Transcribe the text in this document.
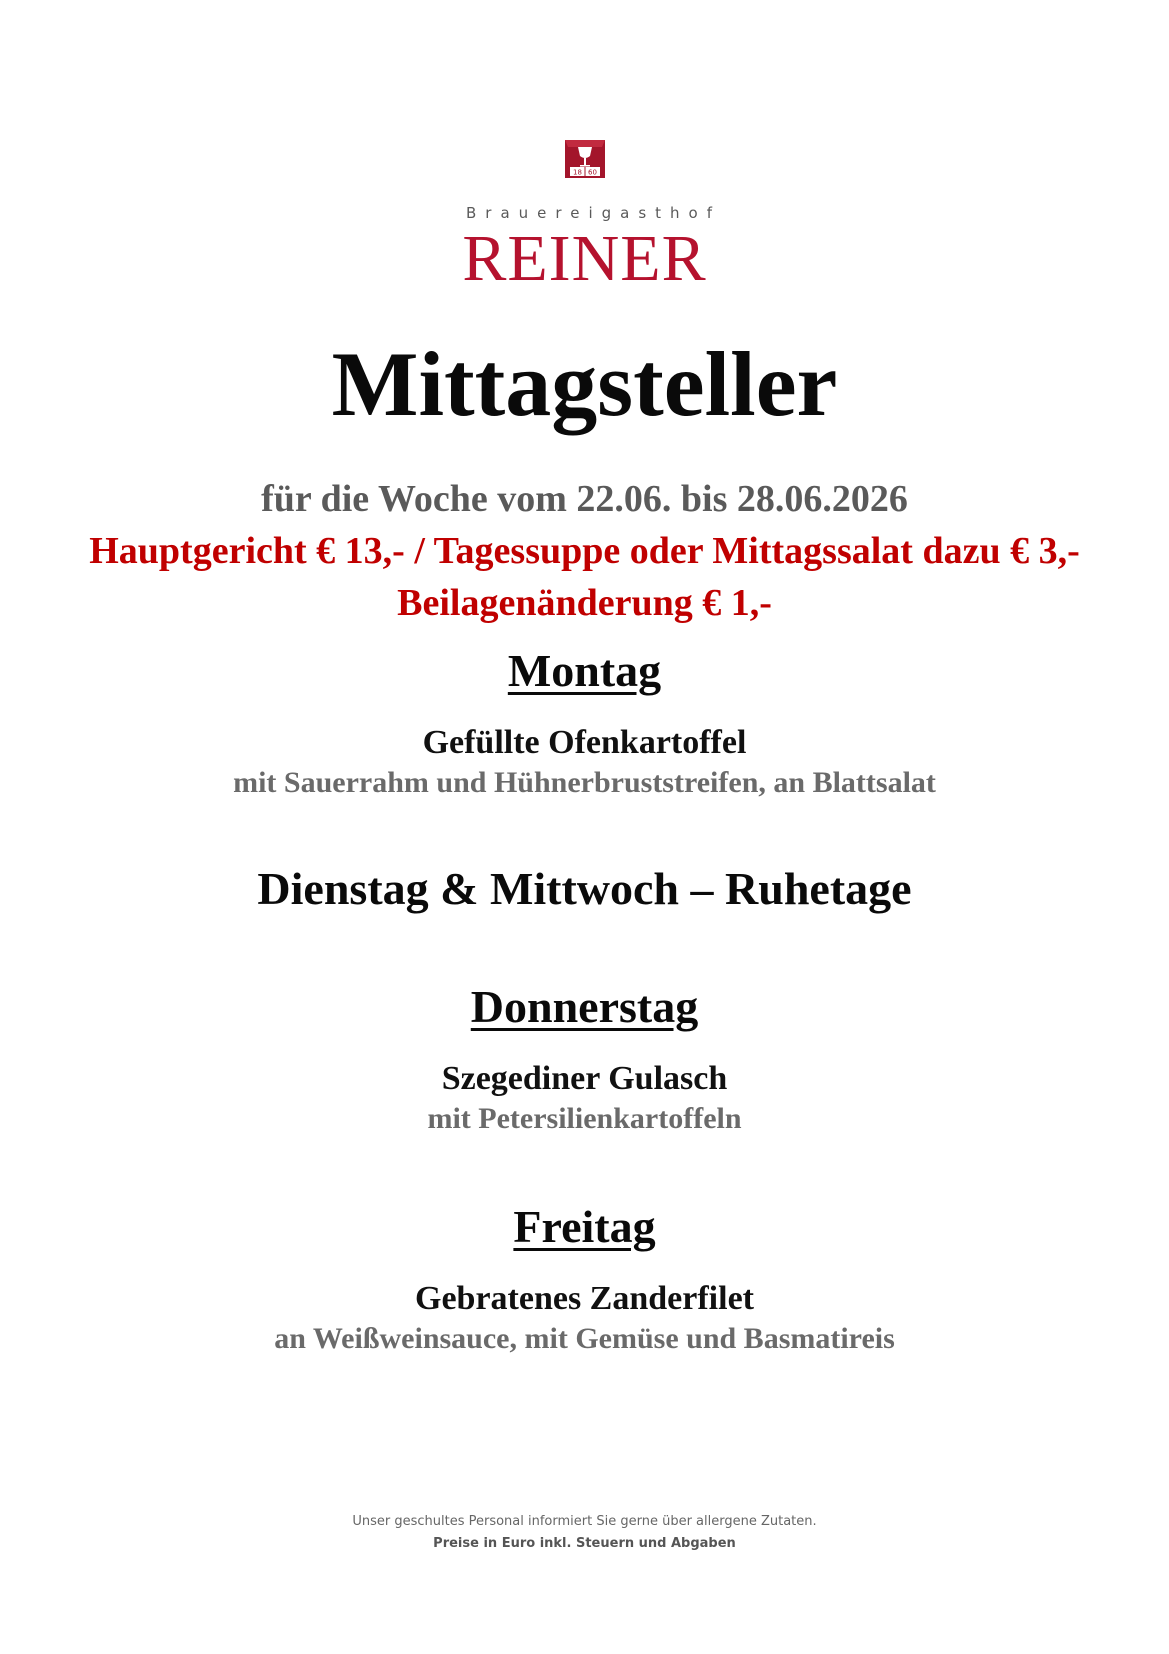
18 60
Brauereigasthof
REINER
Mittagsteller
für die Woche vom 22.06. bis 28.06.2026
Hauptgericht € 13,- / Tagessuppe oder Mittagssalat dazu € 3,-
Beilagenänderung € 1,-
Montag
Gefüllte Ofenkartoffel
mit Sauerrahm und Hühnerbruststreifen, an Blattsalat
Dienstag & Mittwoch – Ruhetage
Donnerstag
Szegediner Gulasch
mit Petersilienkartoffeln
Freitag
Gebratenes Zanderfilet
an Weißweinsauce, mit Gemüse und Basmatireis
Unser geschultes Personal informiert Sie gerne über allergene Zutaten.
Preise in Euro inkl. Steuern und Abgaben
